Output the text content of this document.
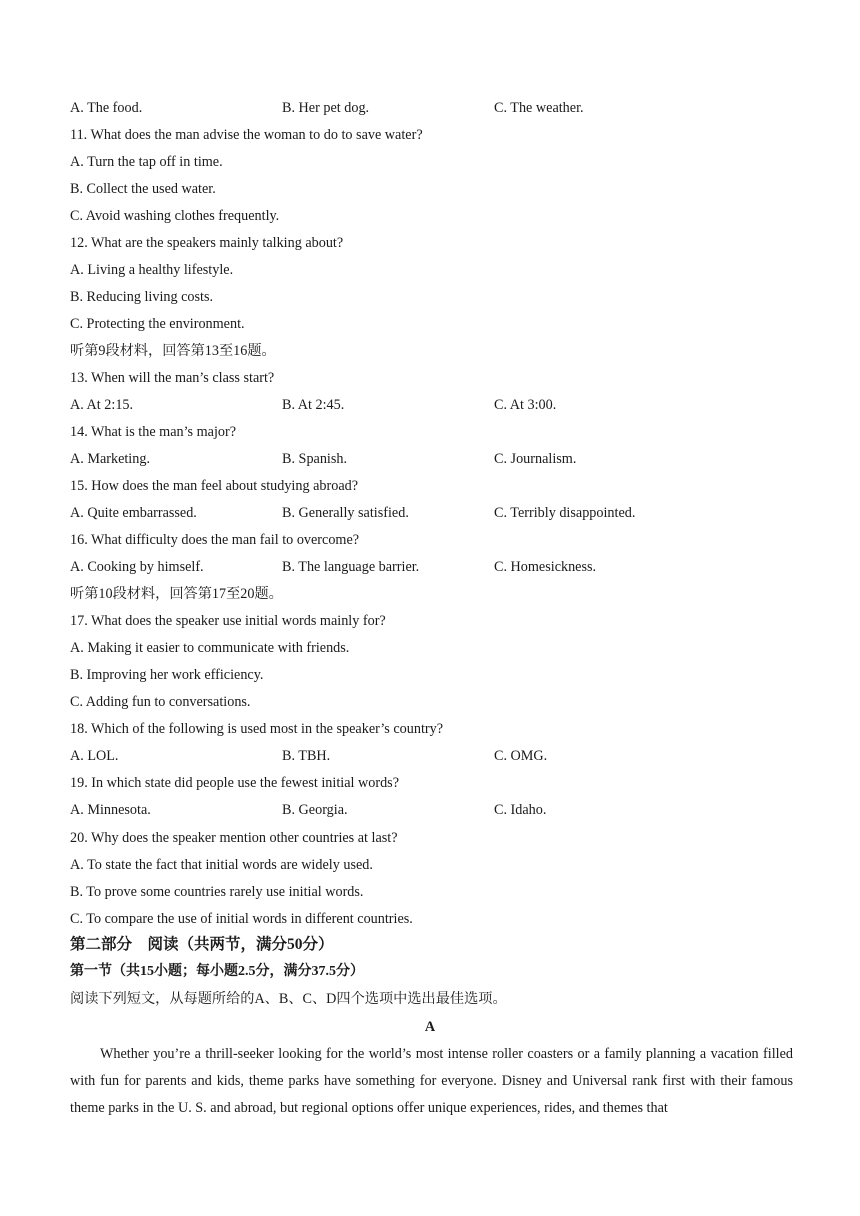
A. The food.	B. Her pet dog.	C. The weather.
11. What does the man advise the woman to do to save water?
A. Turn the tap off in time.
B. Collect the used water.
C. Avoid washing clothes frequently.
12. What are the speakers mainly talking about?
A. Living a healthy lifestyle.
B. Reducing living costs.
C. Protecting the environment.
听第9段材料，回答第13至16题。
13. When will the man’s class start?
A. At 2:15.	B. At 2:45.	C. At 3:00.
14. What is the man’s major?
A. Marketing.	B. Spanish.	C. Journalism.
15. How does the man feel about studying abroad?
A. Quite embarrassed.	B. Generally satisfied.	C. Terribly disappointed.
16. What difficulty does the man fail to overcome?
A. Cooking by himself.	B. The language barrier.	C. Homesickness.
听第10段材料，回答第17至20题。
17. What does the speaker use initial words mainly for?
A. Making it easier to communicate with friends.
B. Improving her work efficiency.
C. Adding fun to conversations.
18. Which of the following is used most in the speaker’s country?
A. LOL.	B. TBH.	C. OMG.
19. In which state did people use the fewest initial words?
A. Minnesota.	B. Georgia.	C. Idaho.
20. Why does the speaker mention other countries at last?
A. To state the fact that initial words are widely used.
B. To prove some countries rarely use initial words.
C. To compare the use of initial words in different countries.
第二部分　阅读（共两节，满分50分）
第一节（共15小题；每小题2.5分，满分37.5分）
阅读下列短文，从每题所给的A、B、C、D四个选项中选出最佳选项。
A
Whether you’re a thrill-seeker looking for the world’s most intense roller coasters or a family planning a vacation filled with fun for parents and kids, theme parks have something for everyone. Disney and Universal rank first with their famous theme parks in the U. S. and abroad, but regional options offer unique experiences, rides, and themes that
